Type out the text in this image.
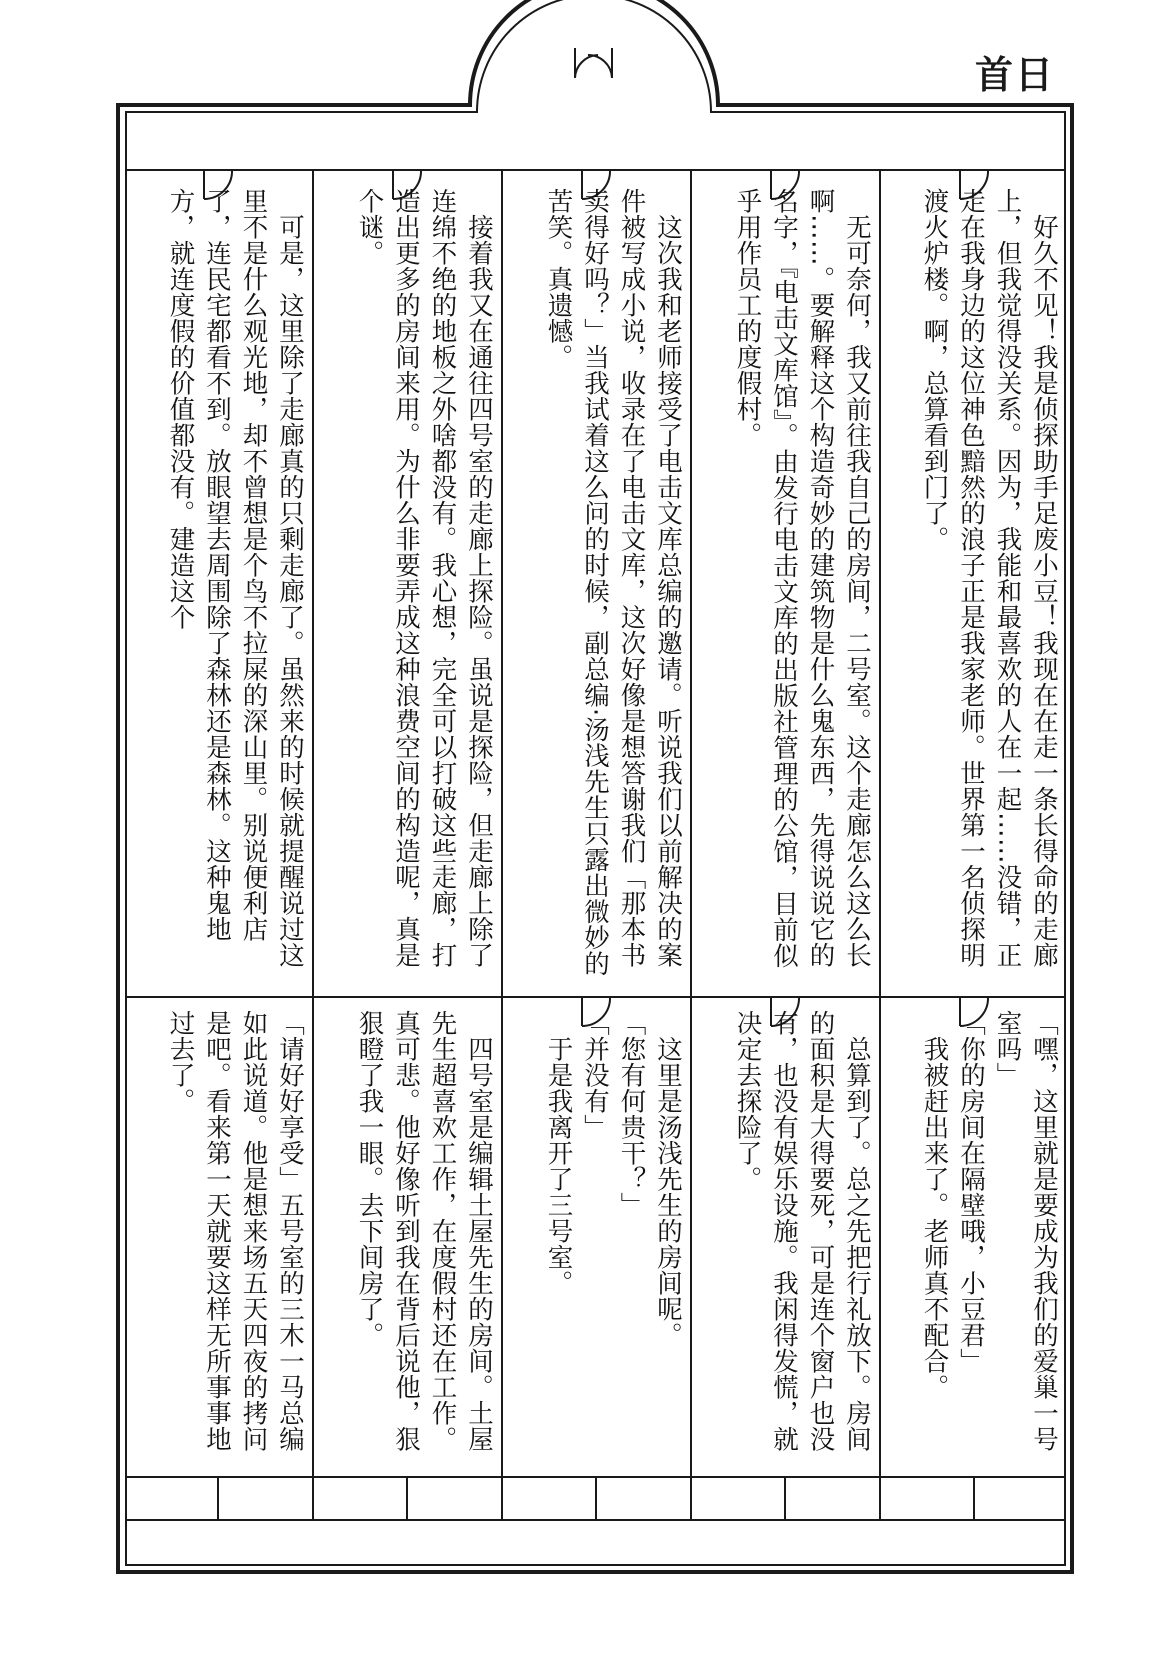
首日

　好久不见！我是侦探助手足废小豆！我现在在走一条长得命的走廊上，但我觉得没关系。因为，我能和最喜欢的人在一起……没错，正走在我身边的这位神色黯然的浪子正是我家老师。世界第一名侦探明渡火炉楼。啊，总算看到门了。

　无可奈何，我又前往我自己的房间，二号室。这个走廊怎么这么长啊……。要解释这个构造奇妙的建筑物是什么鬼东西，先得说说它的名字，『电击文库馆』。由发行电击文库的出版社管理的公馆，目前似乎用作员工的度假村。

　这次我和老师接受了电击文库总编的邀请。听说我们以前解决的案件被写成小说，收录在了电击文库，这次好像是想答谢我们「那本书卖得好吗？」当我试着这么问的时候，副总编·汤浅先生只露出微妙的苦笑。真遗憾。

　接着我又在通往四号室的走廊上探险。虽说是探险，但走廊上除了连绵不绝的地板之外啥都没有。我心想，完全可以打破这些走廊，打造出更多的房间来用。为什么非要弄成这种浪费空间的构造呢，真是个谜。

　可是，这里除了走廊真的只剩走廊了。虽然来的时候就提醒说过这里不是什么观光地，却不曾想是个鸟不拉屎的深山里。别说便利店了，连民宅都看不到。放眼望去周围除了森林还是森林。这种鬼地方，就连度假的价值都没有。建造这个

「嘿，这里就是要成为我们的爱巢一号室吗」

「你的房间在隔壁哦，小豆君」

　我被赶出来了。老师真不配合。

　总算到了。总之先把行礼放下。房间的面积是大得要死，可是连个窗户也没有，也没有娱乐设施。我闲得发慌，就决定去探险了。

　这里是汤浅先生的房间呢。

「您有何贵干？」

「并没有」

　于是我离开了三号室。

　四号室是编辑土屋先生的房间。土屋先生超喜欢工作，在度假村还在工作。真可悲。他好像听到我在背后说他，狠狠瞪了我一眼。去下间房了。

「请好好享受」五号室的三木一马总编如此说道。他是想来场五天四夜的拷问是吧。看来第一天就要这样无所事事地过去了。
